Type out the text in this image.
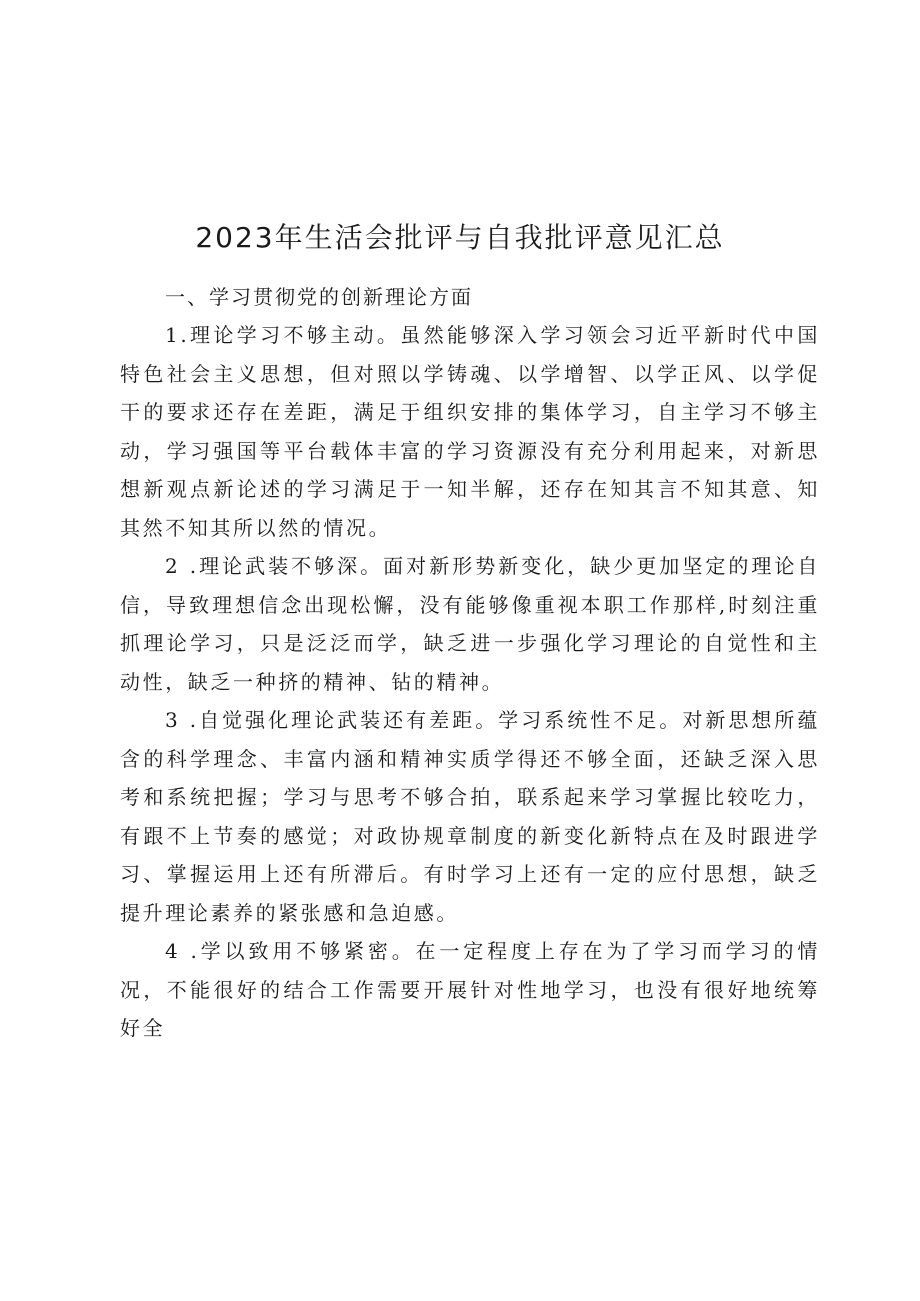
2023年生活会批评与自我批评意见汇总

一、学习贯彻党的创新理论方面

1.理论学习不够主动。虽然能够深入学习领会习近平新时代中国特色社会主义思想，但对照以学铸魂、以学增智、以学正风、以学促干的要求还存在差距，满足于组织安排的集体学习，自主学习不够主动，学习强国等平台载体丰富的学习资源没有充分利用起来，对新思想新观点新论述的学习满足于一知半解，还存在知其言不知其意、知其然不知其所以然的情况。

2 .理论武装不够深。面对新形势新变化，缺少更加坚定的理论自信，导致理想信念出现松懈，没有能够像重视本职工作那样,时刻注重抓理论学习，只是泛泛而学，缺乏进一步强化学习理论的自觉性和主动性，缺乏一种挤的精神、钻的精神。

3 .自觉强化理论武装还有差距。学习系统性不足。对新思想所蕴含的科学理念、丰富内涵和精神实质学得还不够全面，还缺乏深入思考和系统把握；学习与思考不够合拍，联系起来学习掌握比较吃力，有跟不上节奏的感觉；对政协规章制度的新变化新特点在及时跟进学习、掌握运用上还有所滞后。有时学习上还有一定的应付思想，缺乏提升理论素养的紧张感和急迫感。

4 .学以致用不够紧密。在一定程度上存在为了学习而学习的情况，不能很好的结合工作需要开展针对性地学习，也没有很好地统筹好全
